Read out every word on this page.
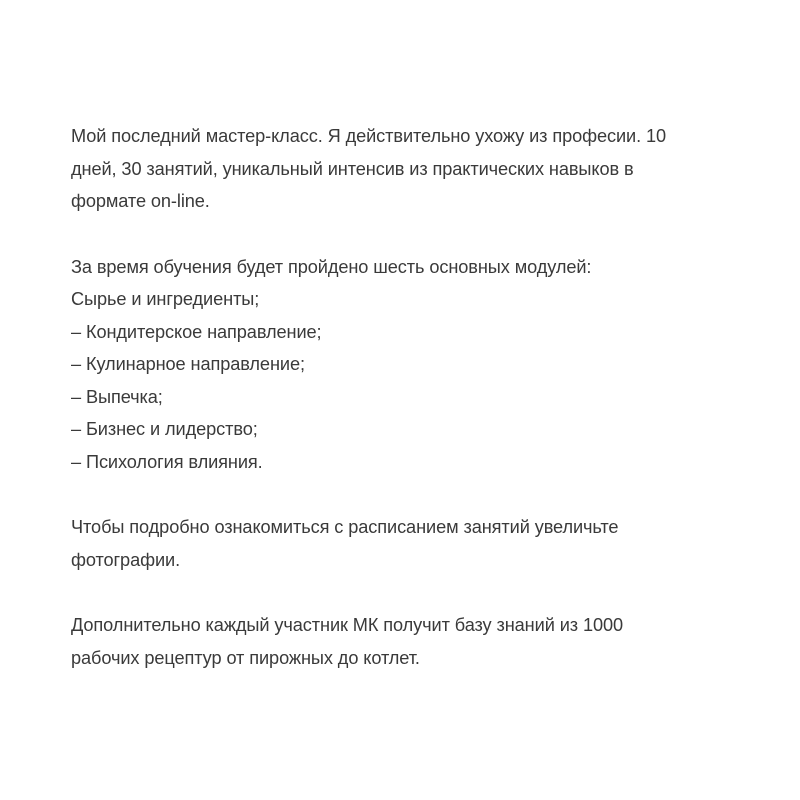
Мой последний мастер-класс. Я действительно ухожу из професии. 10
дней, 30 занятий, уникальный интенсив из практических навыков в
формате on-line.

За время обучения будет пройдено шесть основных модулей:
Сырье и ингредиенты;
– Кондитерское направление;
– Кулинарное направление;
– Выпечка;
– Бизнес и лидерство;
– Психология влияния.

Чтобы подробно ознакомиться с расписанием занятий увеличьте
фотографии.

Дополнительно каждый участник МК получит базу знаний из 1000
рабочих рецептур от пирожных до котлет.
